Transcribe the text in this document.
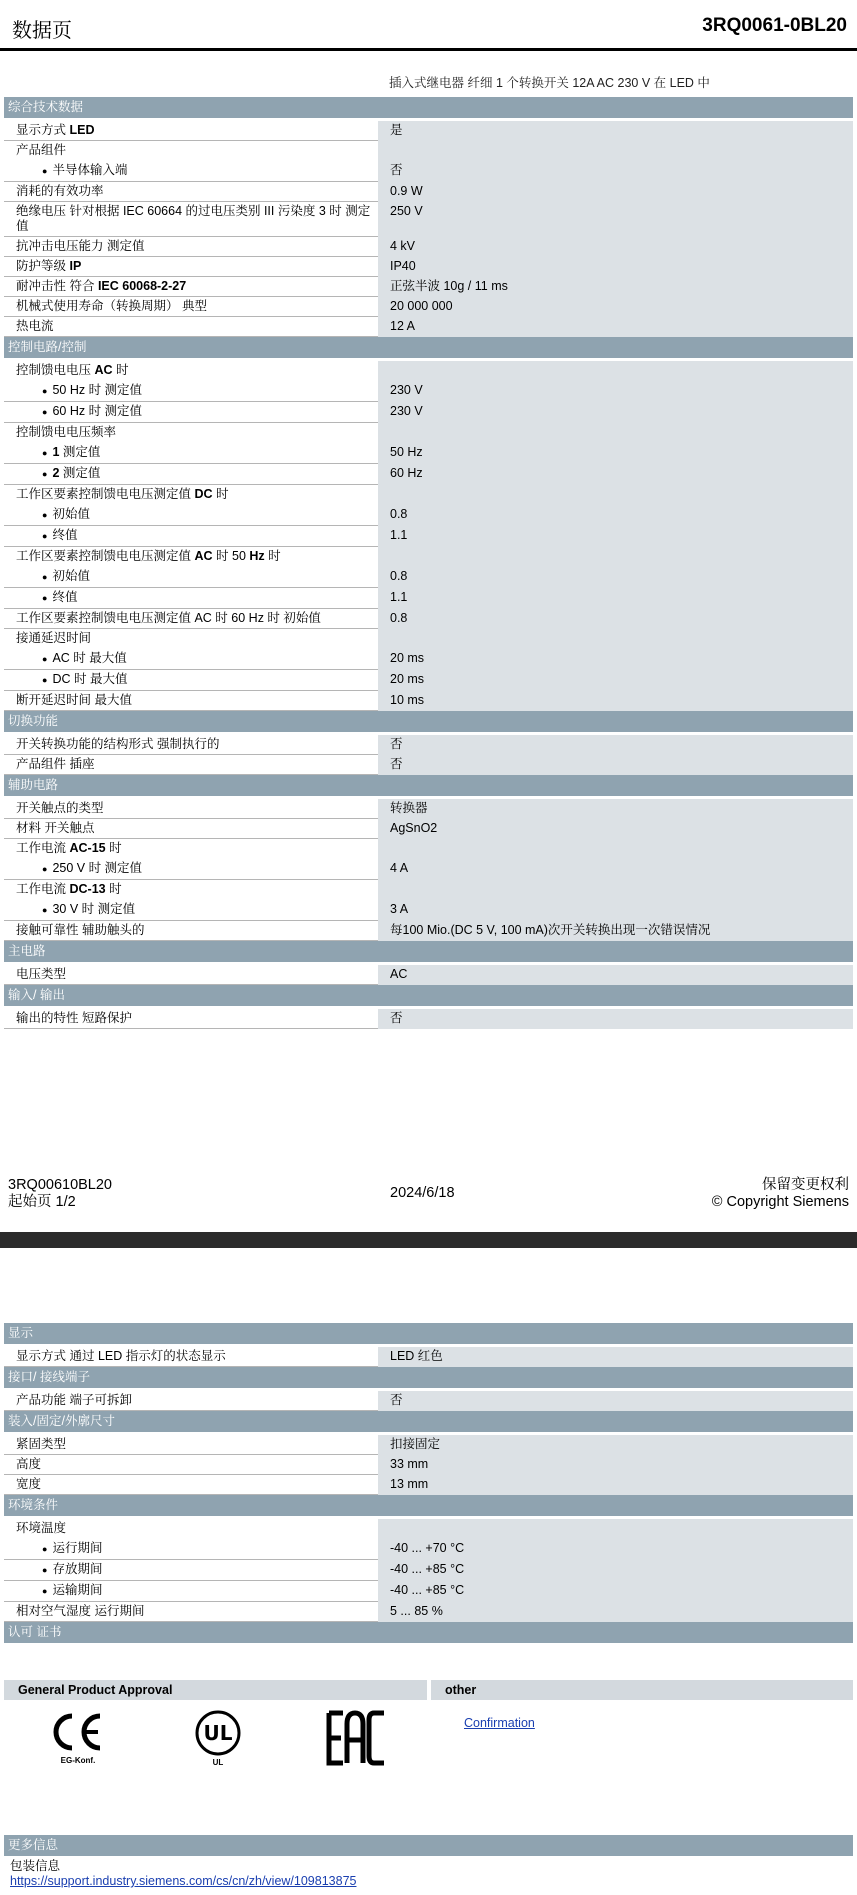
数据页	3RQ0061-0BL20
插入式继电器 纤细 1 个转换开关 12A AC 230 V 在 LED 中
综合技术数据
显示方式 LED	是
产品组件
● 半导体输入端	否
消耗的有效功率	0.9 W
绝缘电压 针对根据 IEC 60664 的过电压类别 III 污染度 3 时 测定值
250 V
抗冲击电压能力 测定值	4 kV
防护等级 IP	IP40
耐冲击性 符合 IEC 60068-2-27	正弦半波 10g / 11 ms
机械式使用寿命（转换周期） 典型	20 000 000
热电流	12 A
控制电路/控制
控制馈电电压 AC 时
● 50 Hz 时 测定值	230 V
● 60 Hz 时 测定值	230 V
控制馈电电压频率
● 1 测定值	50 Hz
● 2 测定值	60 Hz
工作区要素控制馈电电压测定值 DC 时
● 初始值	0.8
● 终值	1.1
工作区要素控制馈电电压测定值 AC 时 50 Hz 时
● 初始值	0.8
● 终值	1.1
工作区要素控制馈电电压测定值 AC 时 60 Hz 时 初始值	0.8
接通延迟时间
● AC 时 最大值	20 ms
● DC 时 最大值	20 ms
断开延迟时间 最大值	10 ms
切换功能
开关转换功能的结构形式 强制执行的	否
产品组件 插座	否
辅助电路
开关触点的类型	转换器
材料 开关触点	AgSnO2
工作电流 AC-15 时
● 250 V 时 测定值	4 A
工作电流 DC-13 时
● 30 V 时 测定值	3 A
接触可靠性 辅助触头的	每100 Mio.(DC 5 V, 100 mA)次开关转换出现一次错误情况
主电路
电压类型	AC
输入/ 输出
输出的特性 短路保护	否
3RQ00610BL20
起始页 1/2
2024/6/18	保留变更权利
© Copyright Siemens
显示
显示方式 通过 LED 指示灯的状态显示	LED 红色
接口/ 接线端子
产品功能 端子可拆卸	否
装入/固定/外廓尺寸
紧固类型	扣接固定
高度	33 mm
宽度	13 mm
环境条件
环境温度
● 运行期间	-40 ... +70 °C
● 存放期间	-40 ... +85 °C
● 运输期间	-40 ... +85 °C
相对空气湿度 运行期间	5 ... 85 %
认可 证书
General Product Approval	other
EG-Konf.
UL
UL
Confirmation
更多信息
包装信息
https://support.industry.siemens.com/cs/cn/zh/view/109813875
